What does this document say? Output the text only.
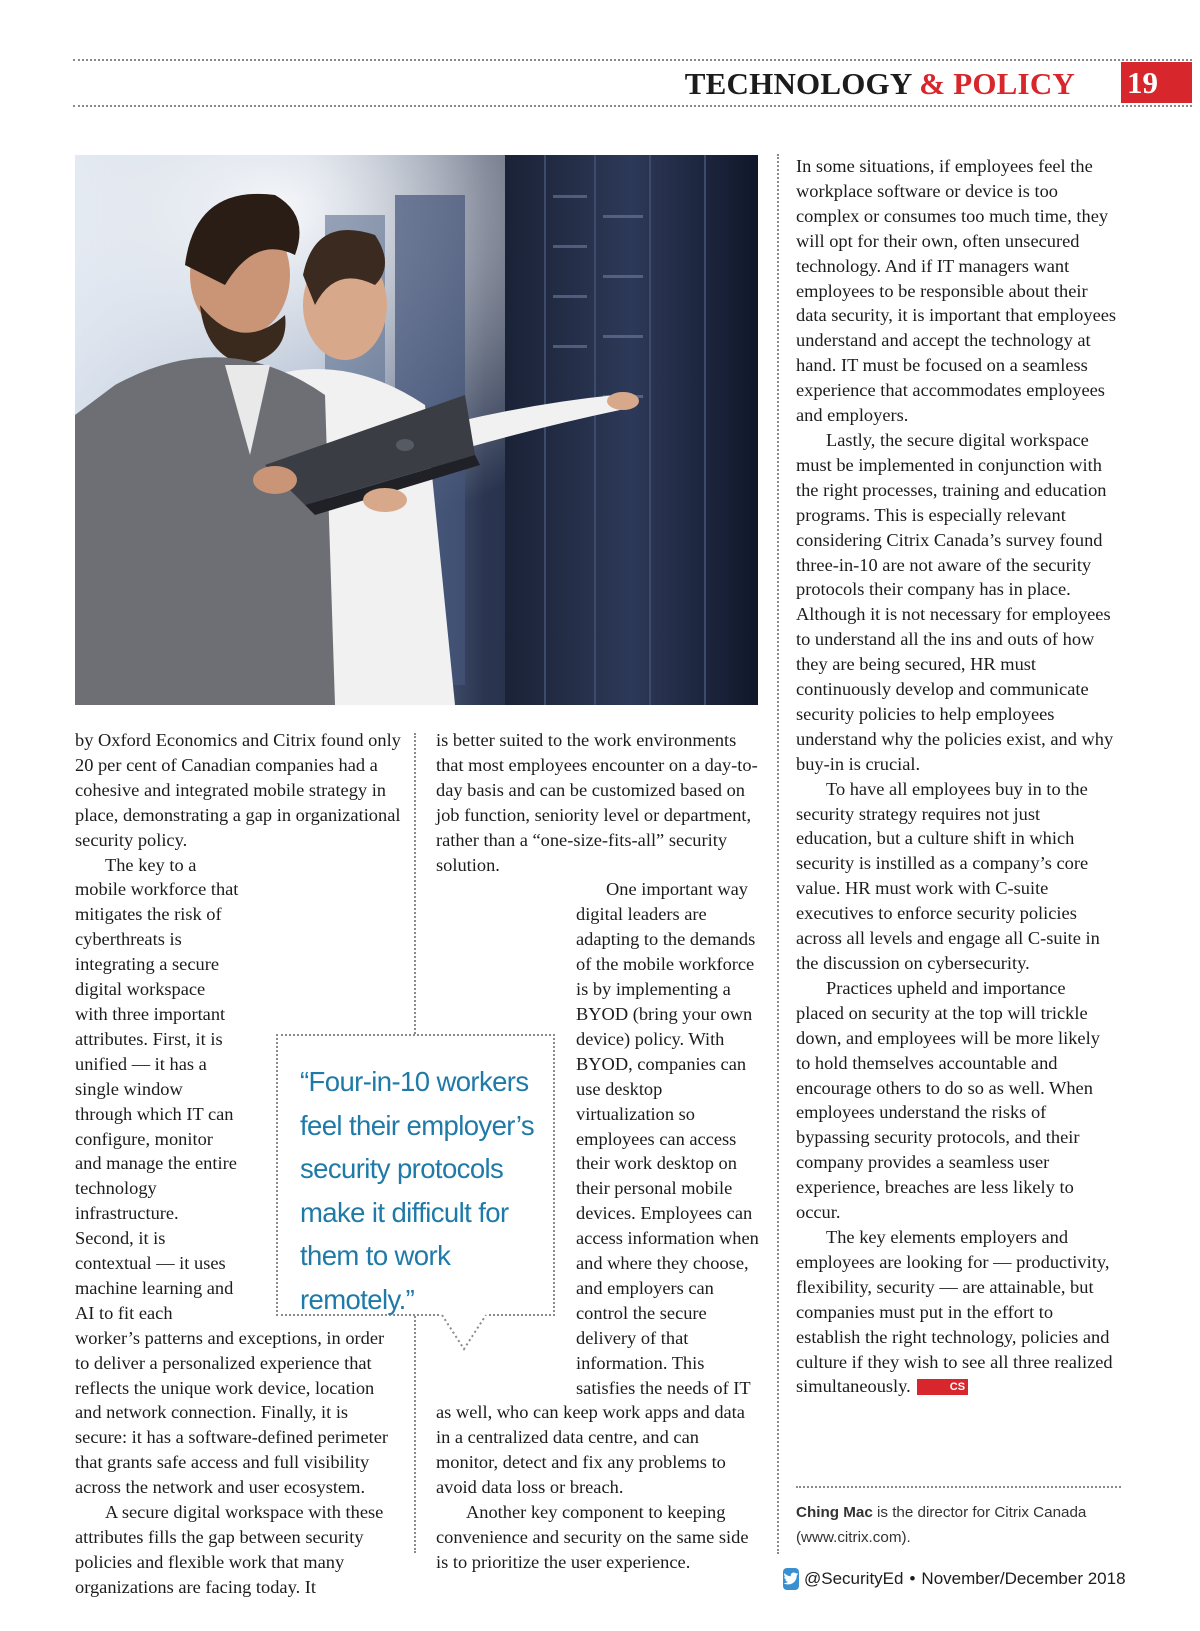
TECHNOLOGY & POLICY 19

by Oxford Economics and Citrix found only 20 per cent of Canadian companies had a cohesive and integrated mobile strategy in place, demonstrating a gap in organizational security policy.

The key to a mobile workforce that mitigates the risk of cyberthreats is integrating a secure digital workspace with three important attributes. First, it is unified — it has a single window through which IT can configure, monitor and manage the entire technology infrastructure. Second, it is contextual — it uses machine learning and AI to fit each worker’s patterns and exceptions, in order to deliver a personalized experience that reflects the unique work device, location and network connection. Finally, it is secure: it has a software-defined perimeter that grants safe access and full visibility across the network and user ecosystem.

A secure digital workspace with these attributes fills the gap between security policies and flexible work that many organizations are facing today. It

is better suited to the work environments that most employees encounter on a day-to-day basis and can be customized based on job function, seniority level or department, rather than a “one-size-fits-all” security solution.

One important way digital leaders are adapting to the demands of the mobile workforce is by implementing a BYOD (bring your own device) policy. With BYOD, companies can use desktop virtualization so employees can access their work desktop on their personal mobile devices. Employees can access information when and where they choose, and employers can control the secure delivery of that information. This satisfies the needs of IT as well, who can keep work apps and data in a centralized data centre, and can monitor, detect and fix any problems to avoid data loss or breach.

Another key component to keeping convenience and security on the same side is to prioritize the user experience.

“Four-in-10 workers feel their employer’s security protocols make it difficult for them to work remotely.”

In some situations, if employees feel the workplace software or device is too complex or consumes too much time, they will opt for their own, often unsecured technology. And if IT managers want employees to be responsible about their data security, it is important that employees understand and accept the technology at hand. IT must be focused on a seamless experience that accommodates employees and employers.

Lastly, the secure digital workspace must be implemented in conjunction with the right processes, training and education programs. This is especially relevant considering Citrix Canada’s survey found three-in-10 are not aware of the security protocols their company has in place. Although it is not necessary for employees to understand all the ins and outs of how they are being secured, HR must continuously develop and communicate security policies to help employees understand why the policies exist, and why buy-in is crucial.

To have all employees buy in to the security strategy requires not just education, but a culture shift in which security is instilled as a company’s core value. HR must work with C-suite executives to enforce security policies across all levels and engage all C-suite in the discussion on cybersecurity.

Practices upheld and importance placed on security at the top will trickle down, and employees will be more likely to hold themselves accountable and encourage others to do so as well. When employees understand the risks of bypassing security protocols, and their company provides a seamless user experience, breaches are less likely to occur.

The key elements employers and employees are looking for — productivity, flexibility, security — are attainable, but companies must put in the effort to establish the right technology, policies and culture if they wish to see all three realized simultaneously.	CS

Ching Mac is the director for Citrix Canada (www.citrix.com).
@SecurityEd • November/December 2018
